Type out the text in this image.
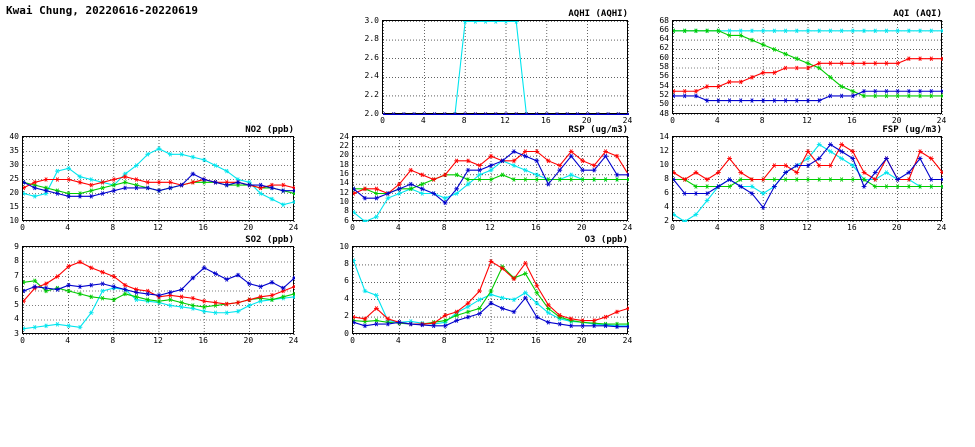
Kwai Chung, 20220616-20220619	AQHI (AQHI)
0	4	8	12	16	20	24
2.0
2.2
2.4
2.6
2.8
3.0
AQI (AQI)
0	4	8	12	16	20	24
48
50
52
54
56
58
60
62
64
66
68
NO2 (ppb)
0	4	8	12	16	20	24
10
15
20
25
30
35
40
RSP (ug/m3)
0	4	8	12	16	20	24
6
8
10
12
14
16
18
20
22
24
FSP (ug/m3)
0	4	8	12	16	20	24
2
4
6
8
10
12
14
SO2 (ppb)
0	4	8	12	16	20	24
3
4
5
6
7
8
9
O3 (ppb)
0	4	8	12	16	20	24
0
2
4
6
8
10
